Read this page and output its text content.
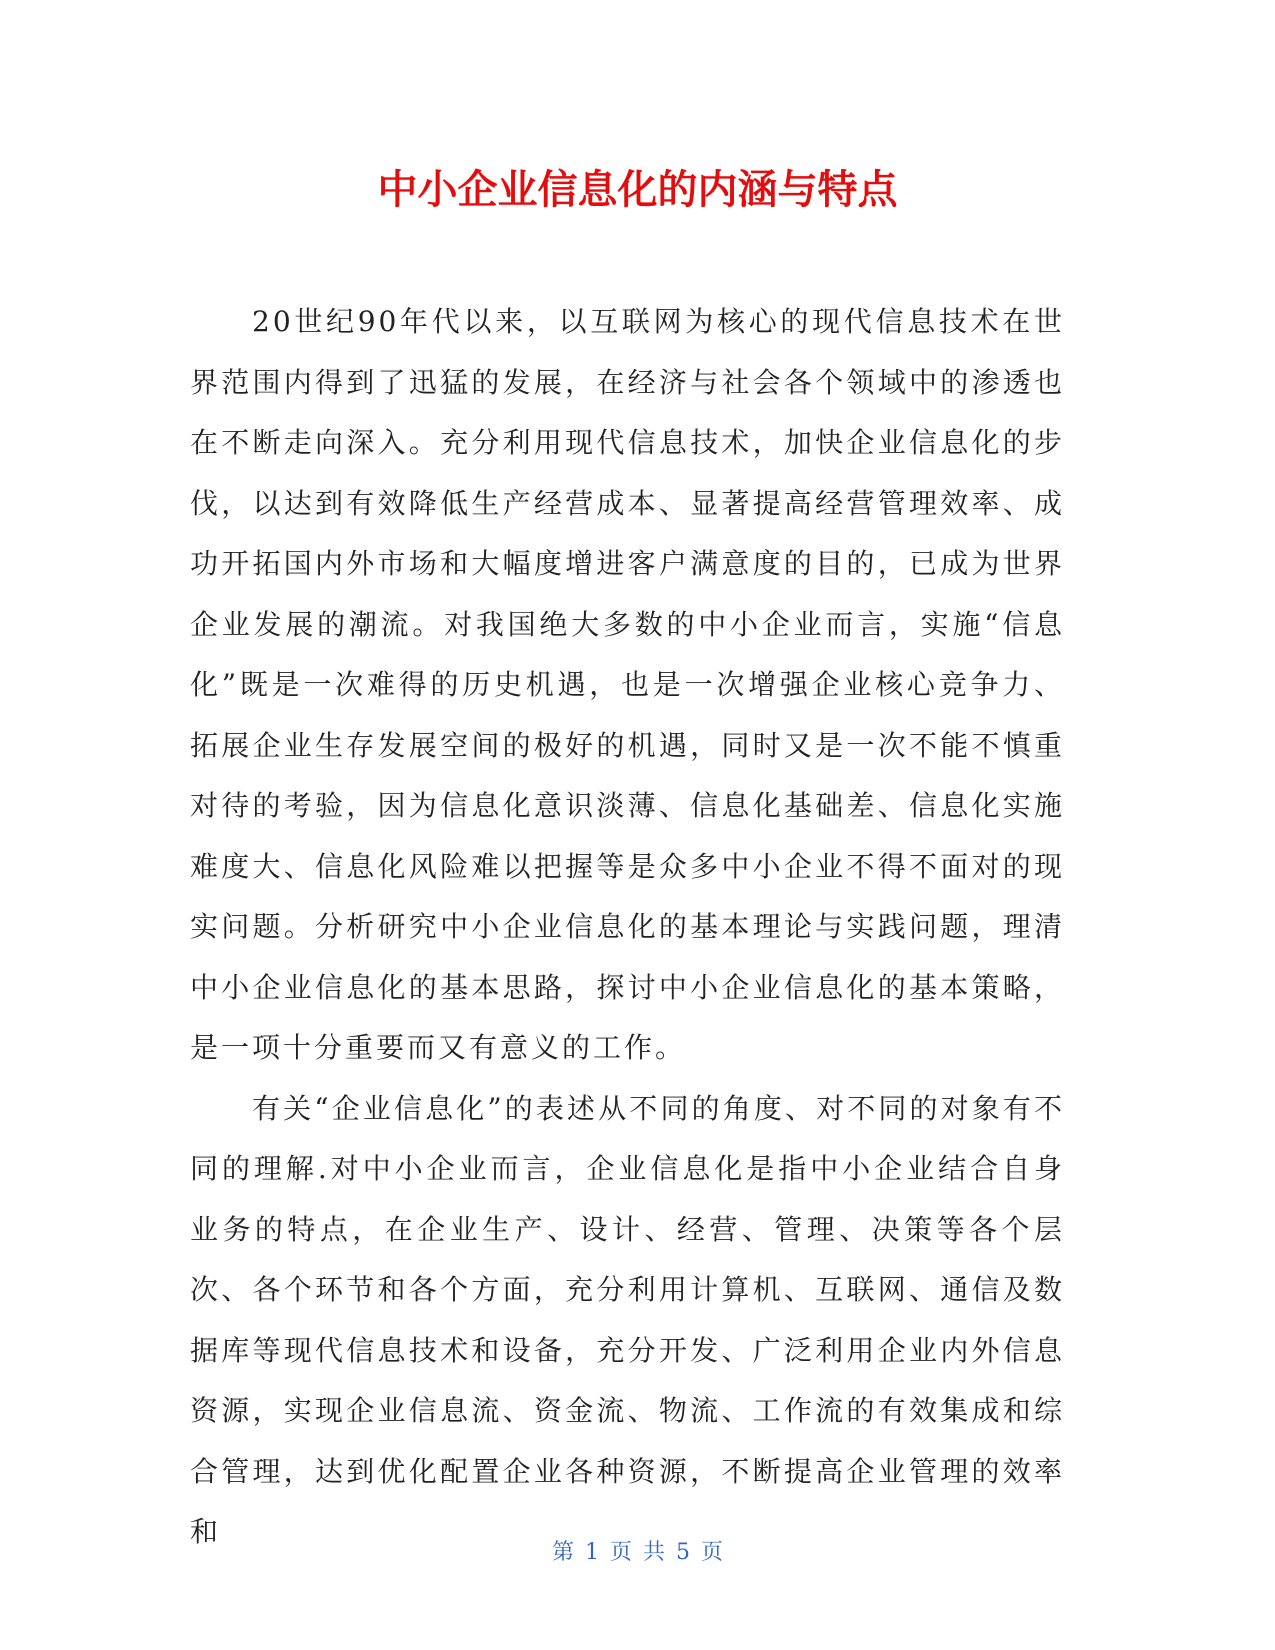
中小企业信息化的内涵与特点

20世纪90年代以来，以互联网为核心的现代信息技术在世界范围内得到了迅猛的发展，在经济与社会各个领域中的渗透也在不断走向深入。充分利用现代信息技术，加快企业信息化的步伐，以达到有效降低生产经营成本、显著提高经营管理效率、成功开拓国内外市场和大幅度增进客户满意度的目的，已成为世界企业发展的潮流。对我国绝大多数的中小企业而言，实施“信息化”既是一次难得的历史机遇，也是一次增强企业核心竞争力、拓展企业生存发展空间的极好的机遇，同时又是一次不能不慎重对待的考验，因为信息化意识淡薄、信息化基础差、信息化实施难度大、信息化风险难以把握等是众多中小企业不得不面对的现实问题。分析研究中小企业信息化的基本理论与实践问题，理清中小企业信息化的基本思路，探讨中小企业信息化的基本策略，是一项十分重要而又有意义的工作。

有关“企业信息化”的表述从不同的角度、对不同的对象有不同的理解.对中小企业而言，企业信息化是指中小企业结合自身业务的特点，在企业生产、设计、经营、管理、决策等各个层次、各个环节和各个方面，充分利用计算机、互联网、通信及数据库等现代信息技术和设备，充分开发、广泛利用企业内外信息资源，实现企业信息流、资金流、物流、工作流的有效集成和综合管理，达到优化配置企业各种资源，不断提高企业管理的效率和

第 1 页 共 5 页
